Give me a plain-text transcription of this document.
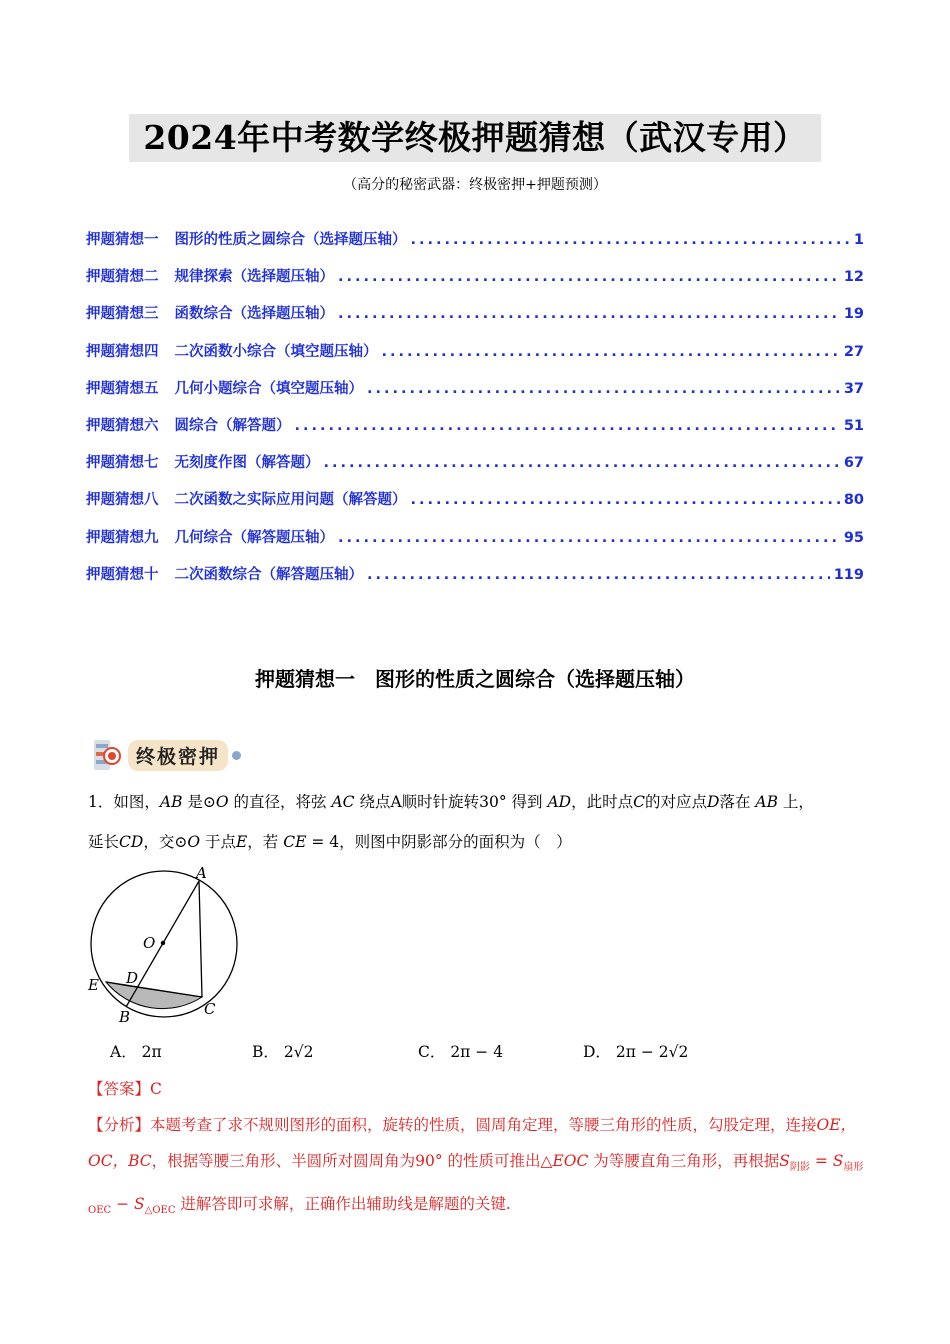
2024年中考数学终极押题猜想（武汉专用）
（高分的秘密武器：终极密押+押题预测）
押题猜想一 图形的性质之圆综合（选择题压轴） .....	1
押题猜想二 规律探索（选择题压轴） .....	12
押题猜想三 函数综合（选择题压轴） .....	19
押题猜想四 二次函数小综合（填空题压轴） .....	27
押题猜想五 几何小题综合（填空题压轴） .....	37
押题猜想六 圆综合（解答题） .....	51
押题猜想七 无刻度作图（解答题） .....	67
押题猜想八 二次函数之实际应用问题（解答题） .....	80
押题猜想九 几何综合（解答题压轴） .....	95
押题猜想十 二次函数综合（解答题压轴） .....	119
押题猜想一 图形的性质之圆综合（选择题压轴）
终极密押
1．如图，AB 是⊙O 的直径，将弦 AC 绕点A顺时针旋转30° 得到 AD，此时点C的对应点D落在 AB 上，
延长CD，交⊙O 于点E，若 CE = 4，则图中阴影部分的面积为（　）
A
O
D
E
B	C
A． 2π	B． 2√2	C． 2π − 4	D． 2π − 2√2
【答案】C
【分析】本题考查了求不规则图形的面积，旋转的性质，圆周角定理，等腰三角形的性质，勾股定理，连接OE，OC，BC，根据等腰三角形、半圆所对圆周角为90° 的性质可推出△EOC 为等腰直角三角形，再根据$S_{阴影} = S_{扇形OEC} - S_{\triangle OEC}$ 进解答即可求解，正确作出辅助线是解题的关键.
